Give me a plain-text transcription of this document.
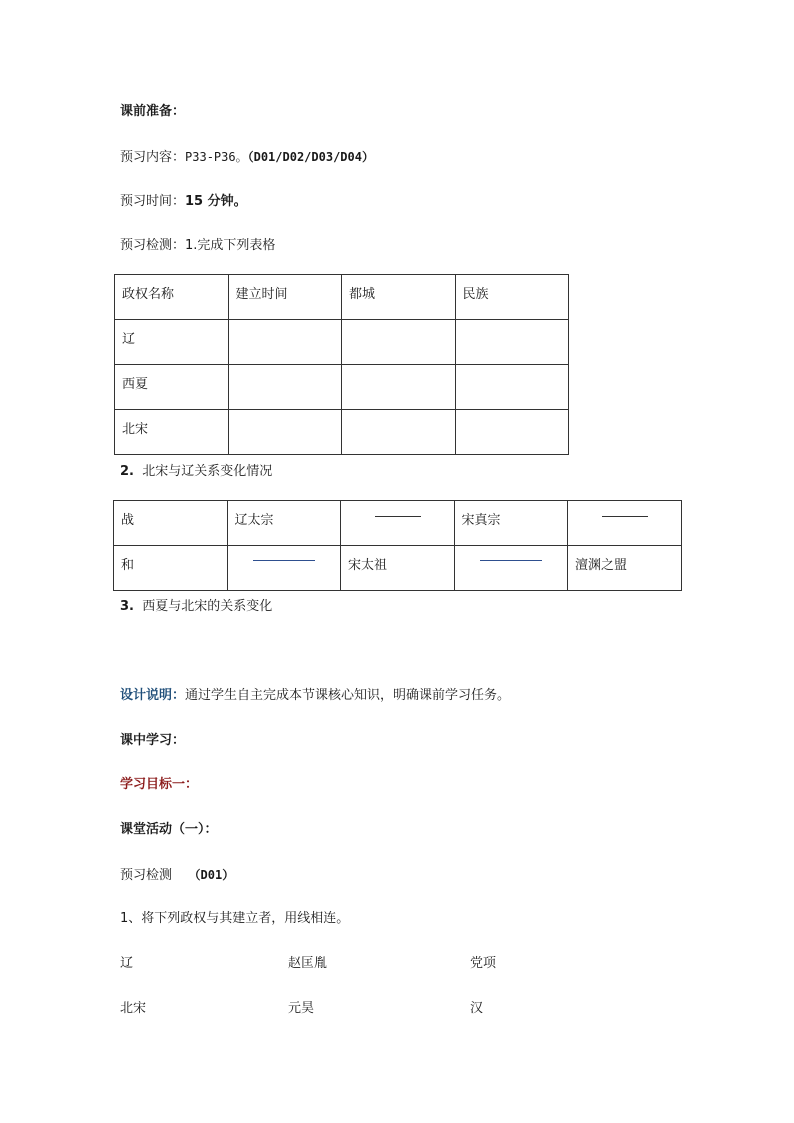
课前准备：
预习内容：P33-P36。（D01/D02/D03/D04）
预习时间：15 分钟。
预习检测：1.完成下列表格
政权名称	建立时间	都城	民族
辽			
西夏			
北宋			
2. 北宋与辽关系变化情况
战	辽太宗		宋真宗	

和		宋太祖		澶渊之盟
3. 西夏与北宋的关系变化
设计说明：通过学生自主完成本节课核心知识，明确课前学习任务。
课中学习：
学习目标一：
课堂活动（一）：
预习检测 （D01）
1、将下列政权与其建立者，用线相连。
辽	赵匡胤	党项
北宋	元昊	汉
